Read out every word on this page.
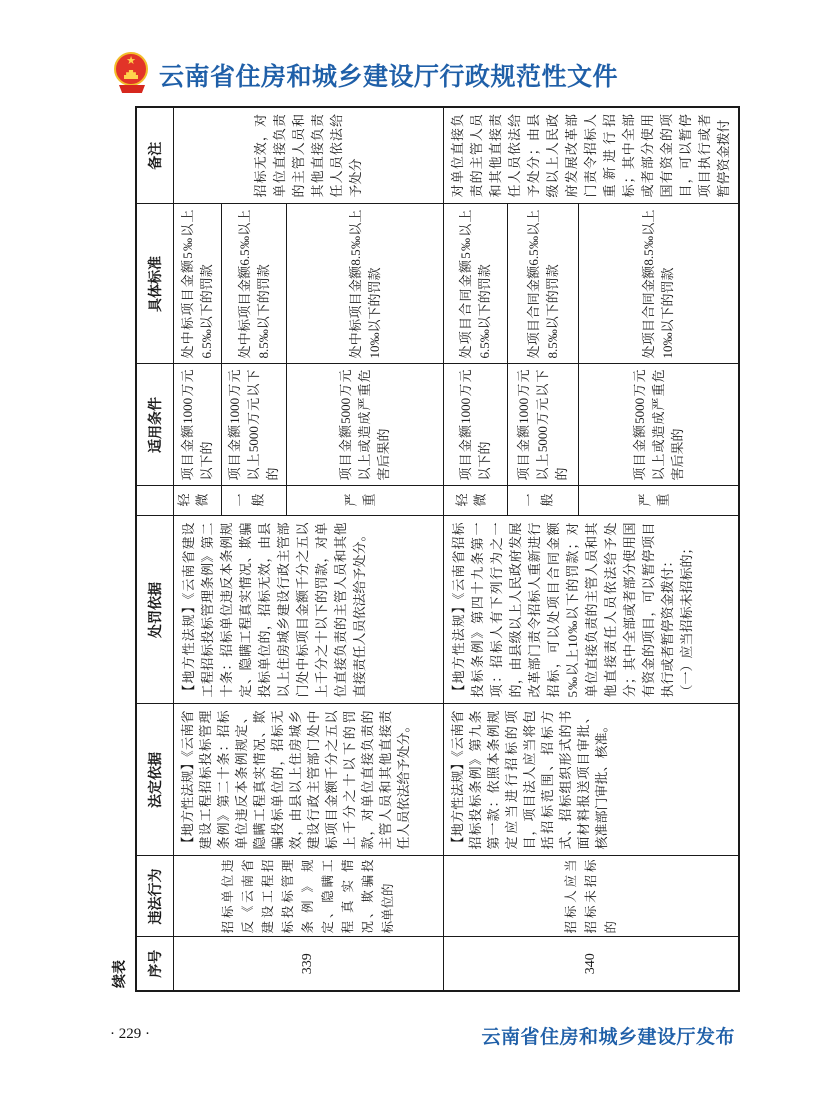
★
云南省住房和城乡建设厅行政规范性文件
续表 序号	违法行为	法定依据	处罚依据		适用条件	具体标准	备注
339	招标单位违反《云南省建设工程招标投标管理条例》规定、隐瞒工程真实情况、欺骗投标单位的	【地方性法规】《云南省建设工程招标投标管理条例》第二十条：招标单位违反本条例规定、隐瞒工程真实情况、欺骗投标单位的，招标无效，由县以上住房城乡建设行政主管部门处中标项目金额千分之五以上千分之十以下的罚款，对单位直接负责的主管人员和其他直接责任人员依法给予处分。	【地方性法规】《云南省建设工程招标投标管理条例》第二十条：招标单位违反本条例规定、隐瞒工程真实情况、欺骗投标单位的，招标无效，由县以上住房城乡建设行政主管部门处中标项目金额千分之五以上千分之十以下的罚款，对单位直接负责的主管人员和其他直接责任人员依法给予处分。	轻微	项目金额1000万元以下的	处中标项目金额5‰以上6.5‰以下的罚款	招标无效，对单位直接负责的主管人员和其他直接负责任人员依法给予处分
				一般	项目金额1000万元以上5000万元以下的	处中标项目金额6.5‰以上8.5‰以下的罚款	
				严重	项目金额5000万元以上或造成严重危害后果的	处中标项目金额8.5‰以上10‰以下的罚款	
340	招标人应当招标未招标的	【地方性法规】《云南省招标投标条例》第九条第一款：依照本条例规定应当进行招标的项目，项目法人应当将包括招标范围、招标方式、招标组织形式的书面材料报送项目审批、核准部门审批、核准。	【地方性法规】《云南省招标投标条例》第四十九条第一项：招标人有下列行为之一的，由县级以上人民政府发展改革部门责令招标人重新进行招标，可以处项目合同金额5‰以上10‰以下的罚款；对单位直接负责的主管人员和其他直接责任人员依法给予处分；其中全部或者部分使用国有资金的项目，可以暂停项目执行或者暂停资金拨付： （一）应当招标未招标的；	轻微	项目金额1000万元以下的	处项目合同金额5‰以上6.5‰以下的罚款	对单位直接负责的主管人员和其他直接责任人员依法给予处分；由县级以上人民政府发展改革部门责令招标人重新进行招标；其中全部或者部分使用国有资金的项目，可以暂停项目执行或者暂停资金拨付
				一般	项目金额1000万元以上5000万元以下的	处项目合同金额6.5‰以上8.5‰以下的罚款	
				严重	项目金额5000万元以上或造成严重危害后果的	处项目合同金额8.5‰以上10‰以下的罚款	
· 229 ·	云南省住房和城乡建设厅发布
